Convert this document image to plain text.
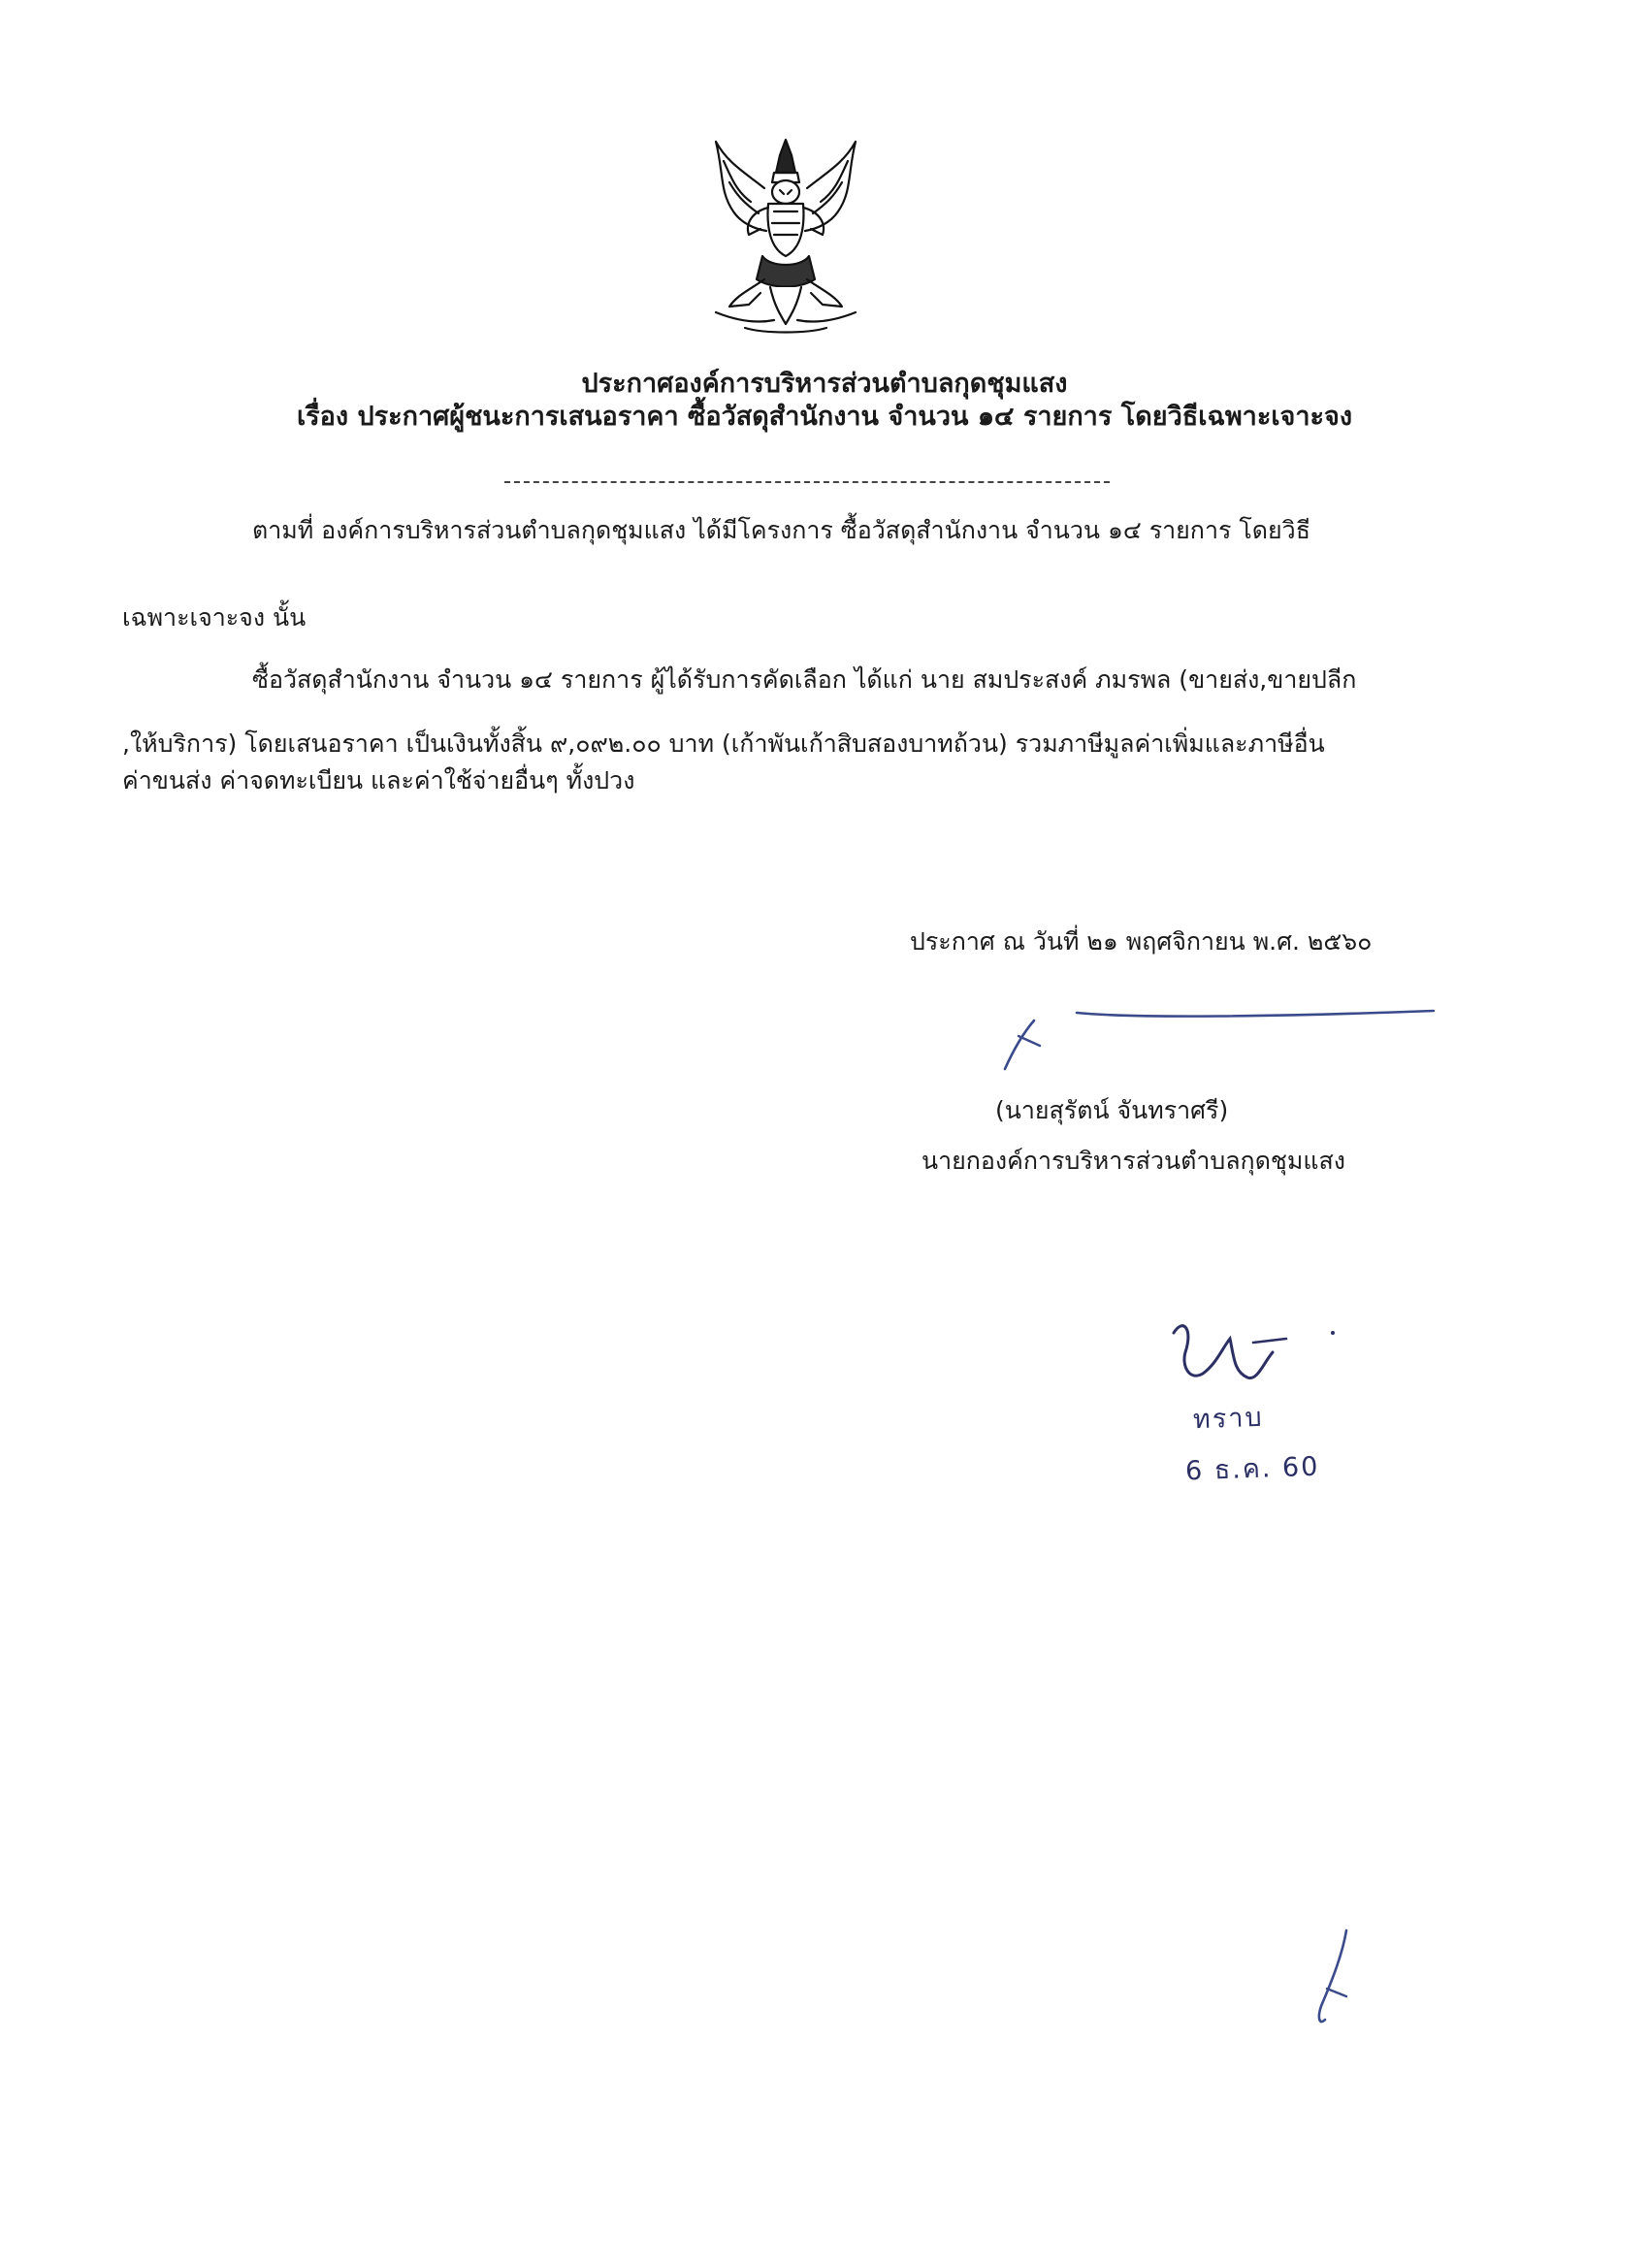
ประกาศองค์การบริหารส่วนตำบลกุดชุมแสง
เรื่อง ประกาศผู้ชนะการเสนอราคา ซื้อวัสดุสำนักงาน จำนวน ๑๔ รายการ โดยวิธีเฉพาะเจาะจง
ตามที่ องค์การบริหารส่วนตำบลกุดชุมแสง ได้มีโครงการ ซื้อวัสดุสำนักงาน จำนวน ๑๔ รายการ โดยวิธี
เฉพาะเจาะจง นั้น
ซื้อวัสดุสำนักงาน จำนวน ๑๔ รายการ ผู้ได้รับการคัดเลือก ได้แก่ นาย สมประสงค์ ภมรพล (ขายส่ง,ขายปลีก
,ให้บริการ) โดยเสนอราคา เป็นเงินทั้งสิ้น ๙,๐๙๒.๐๐ บาท (เก้าพันเก้าสิบสองบาทถ้วน) รวมภาษีมูลค่าเพิ่มและภาษีอื่น
ค่าขนส่ง ค่าจดทะเบียน และค่าใช้จ่ายอื่นๆ ทั้งปวง
ประกาศ ณ วันที่ ๒๑ พฤศจิกายน พ.ศ. ๒๕๖๐
(นายสุรัตน์ จันทราศรี)
นายกองค์การบริหารส่วนตำบลกุดชุมแสง
ทราบ
6 ธ.ค. 60
